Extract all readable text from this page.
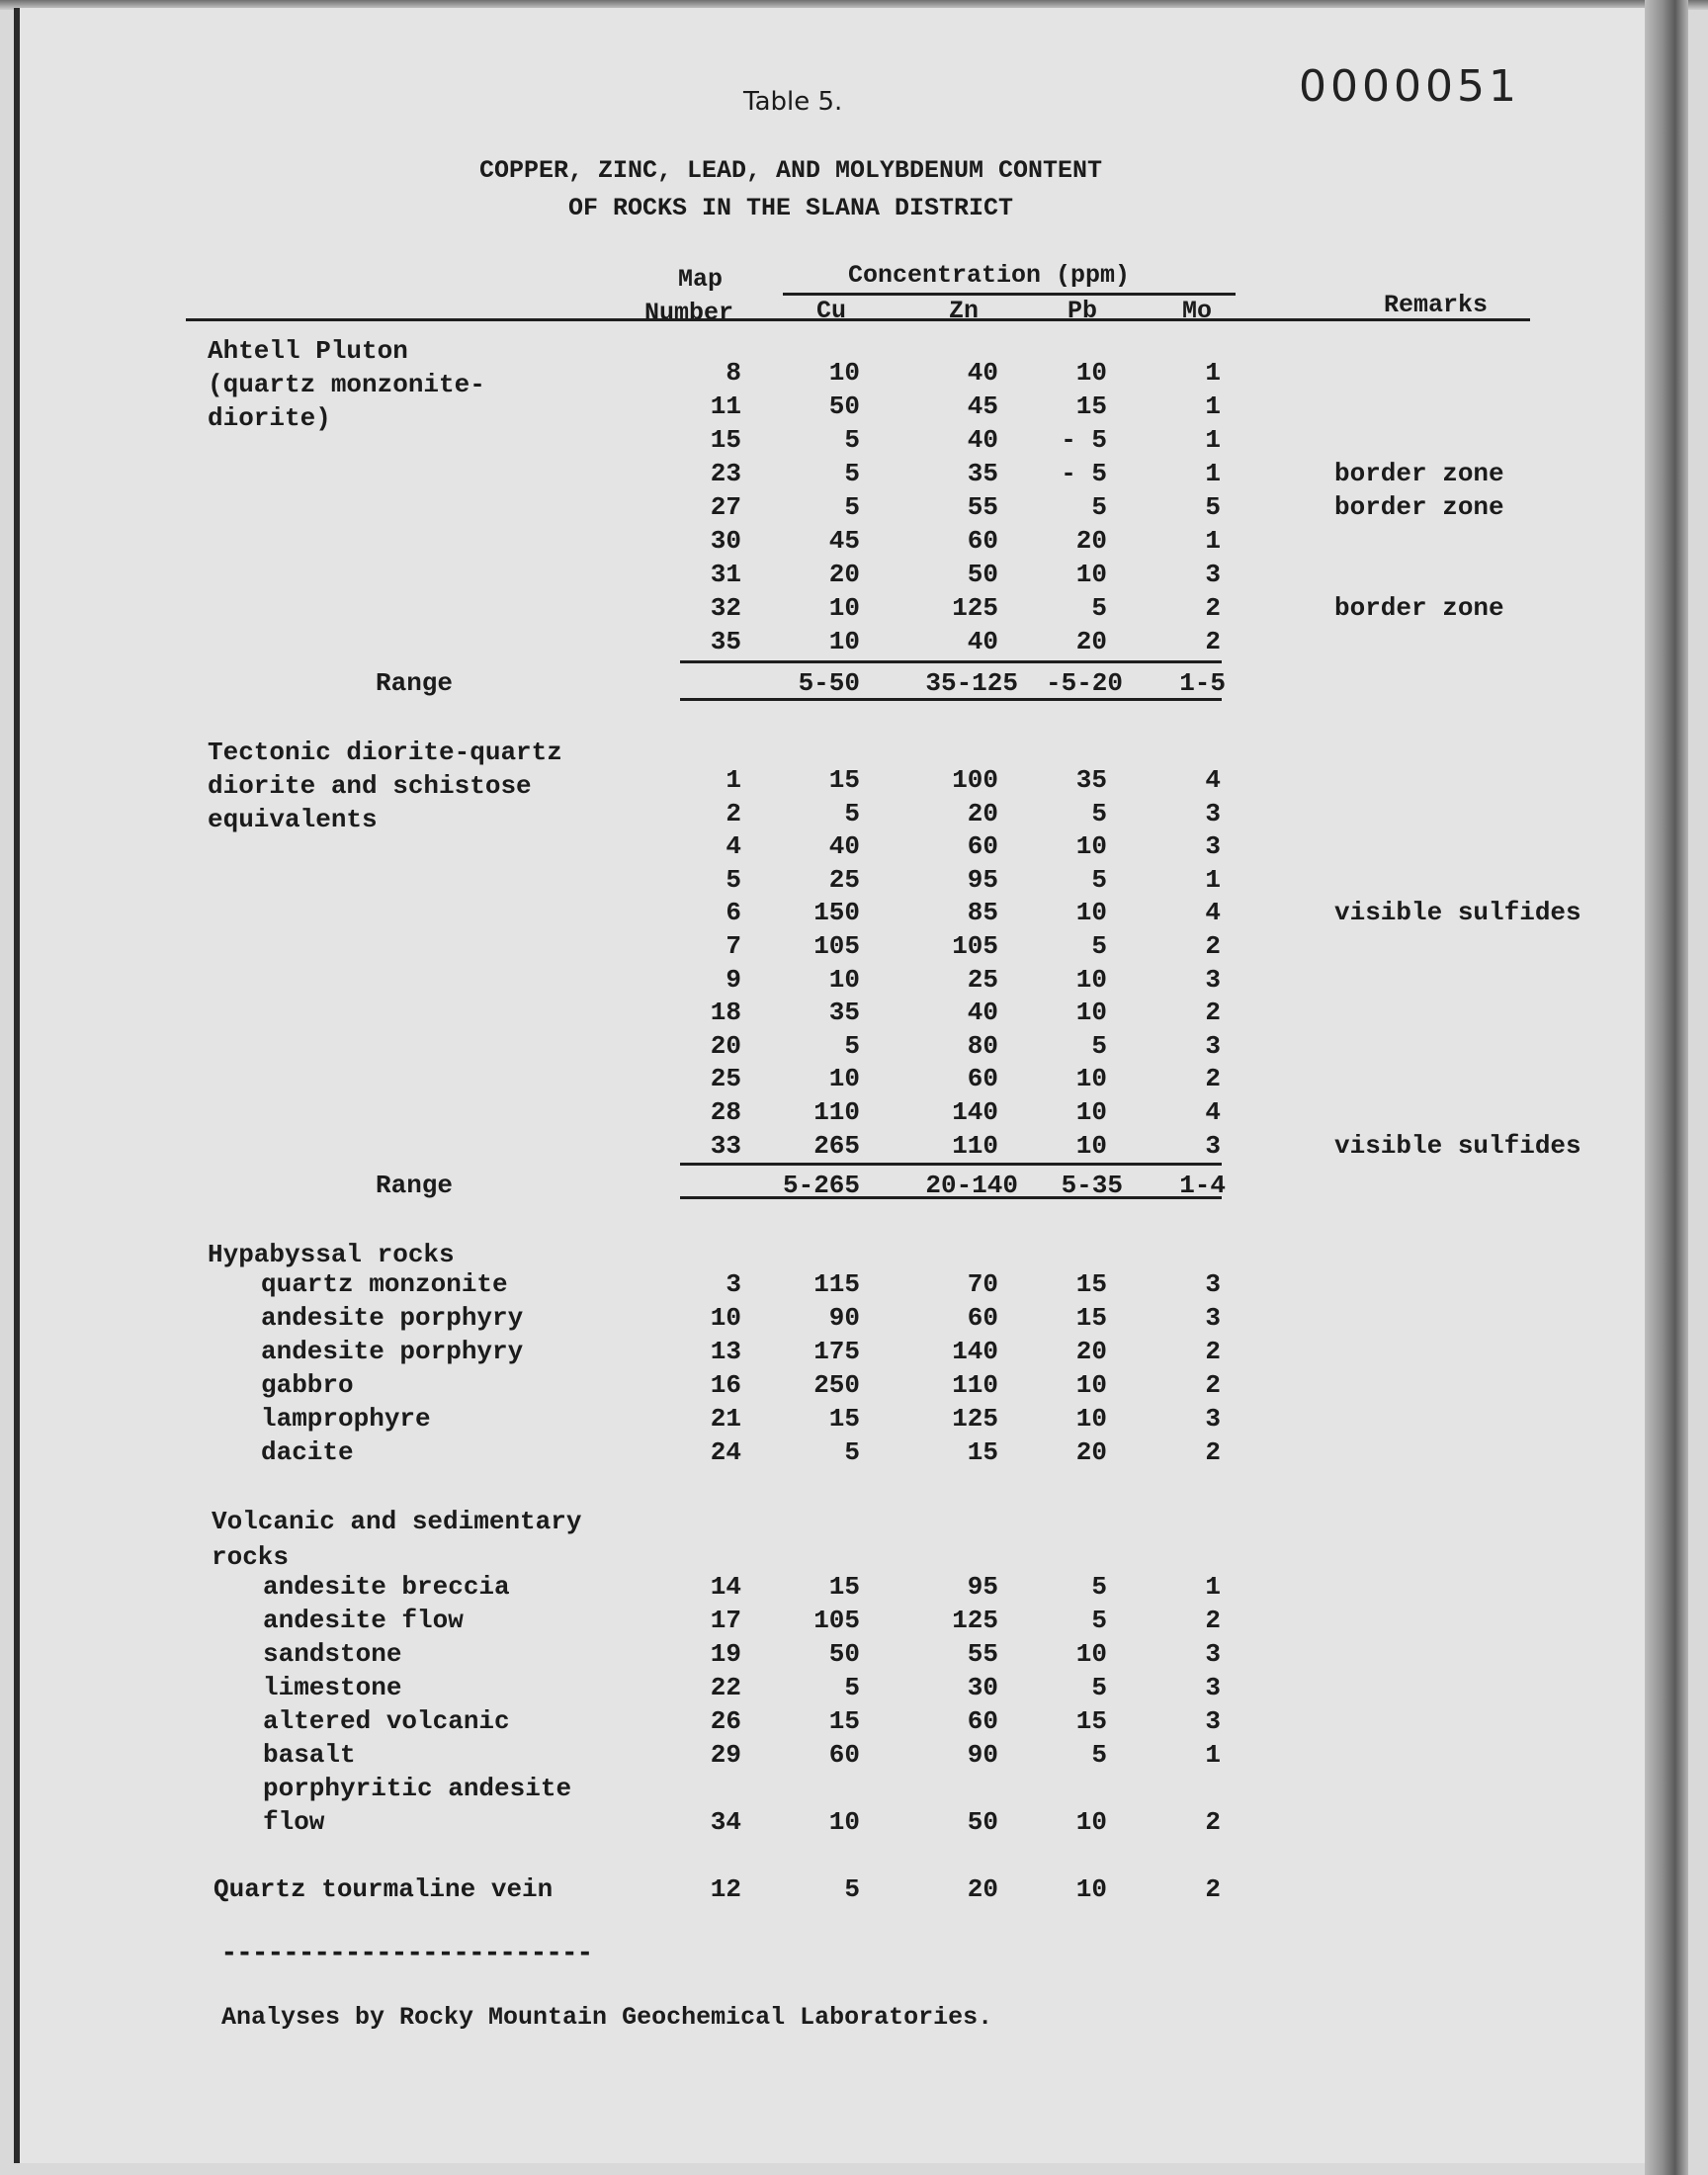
0000051
Table 5.
COPPER, ZINC, LEAD, AND MOLYBDENUM CONTENT
OF ROCKS IN THE SLANA DISTRICT
Map
Number
Concentration (ppm)
Cu	Zn	Pb	Mo	Remarks
Ahtell Pluton
(quartz monzonite-
diorite)
8	10	40	10	1
11	50	45	15	1
15	5	40	- 5	1
23	5	35	- 5	1	border zone
27	5	55	5	5	border zone
30	45	60	20	1
31	20	50	10	3
32	10	125	5	2	border zone
35	10	40	20	2
Range	5-50	35-125	-5-20	1-5
Tectonic diorite-quartz
diorite and schistose
equivalents
1	15	100	35	4
2	5	20	5	3
4	40	60	10	3
5	25	95	5	1
6	150	85	10	4	visible sulfides
7	105	105	5	2
9	10	25	10	3
18	35	40	10	2
20	5	80	5	3
25	10	60	10	2
28	110	140	10	4
33	265	110	10	3	visible sulfides
Range	5-265	20-140	5-35	1-4
Hypabyssal rocks
quartz monzonite	3	115	70	15	3
andesite porphyry	10	90	60	15	3
andesite porphyry	13	175	140	20	2
gabbro	16	250	110	10	2
lamprophyre	21	15	125	10	3
dacite	24	5	15	20	2
Volcanic and sedimentary
rocks
andesite breccia	14	15	95	5	1
andesite flow	17	105	125	5	2
sandstone	19	50	55	10	3
limestone	22	5	30	5	3
altered volcanic	26	15	60	15	3
basalt	29	60	90	5	1
porphyritic andesite
flow	34	10	50	10	2
Quartz tourmaline vein	12	5	20	10	2
------------------------
Analyses by Rocky Mountain Geochemical Laboratories.
